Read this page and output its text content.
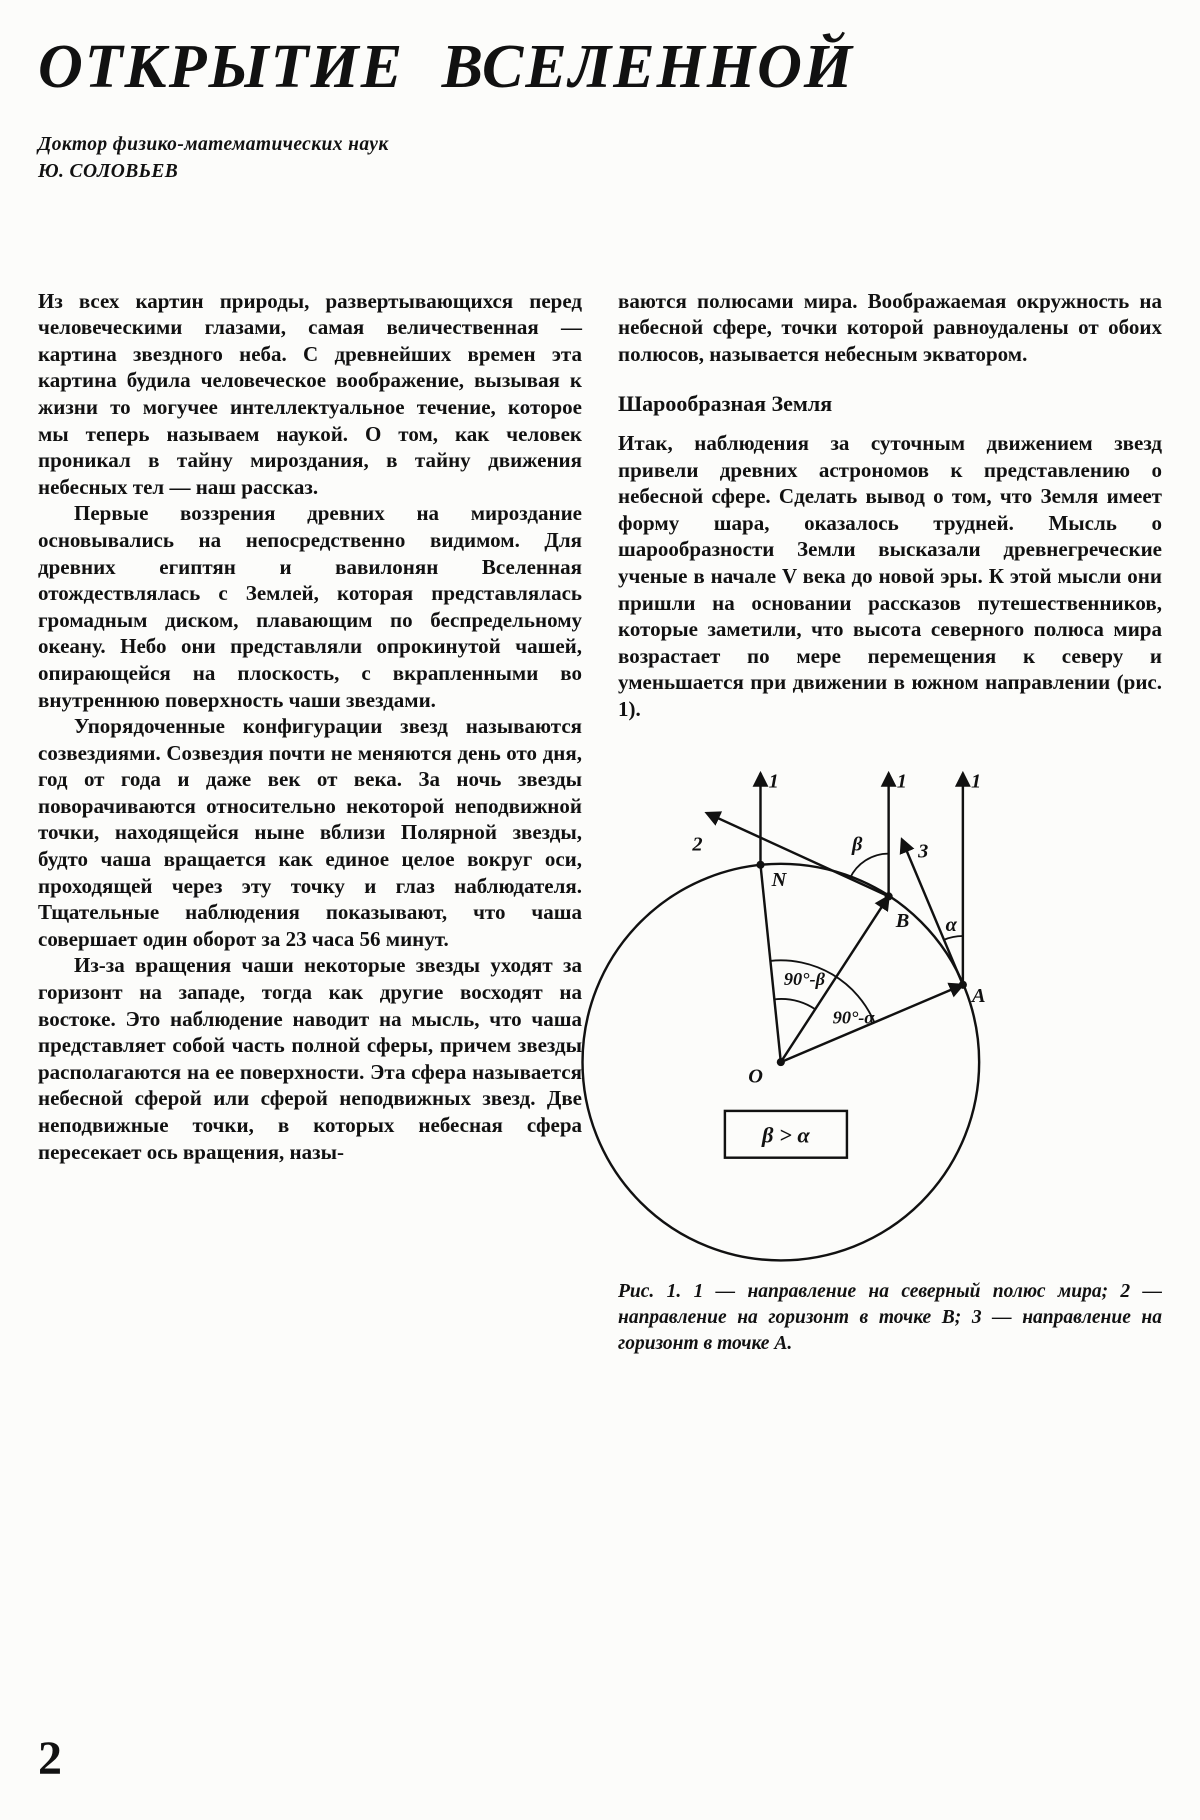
ОТКРЫТИЕ ВСЕЛЕННОЙ
Доктор физико-математических наук
Ю. СОЛОВЬЕВ

Из всех картин природы, развертывающихся перед человеческими глазами, самая величественная — картина звездного неба. С древнейших времен эта картина будила человеческое воображение, вызывая к жизни то могучее интеллектуальное течение, которое мы теперь называем наукой. О том, как человек проникал в тайну мироздания, в тайну движения небесных тел — наш рассказ.

Первые воззрения древних на мироздание основывались на непосредственно видимом. Для древних египтян и вавилонян Вселенная отождествлялась с Землей, которая представлялась громадным диском, плавающим по беспредельному океану. Небо они представляли опрокинутой чашей, опирающейся на плоскость, с вкрапленными во внутреннюю поверхность чаши звездами.

Упорядоченные конфигурации звезд называются созвездиями. Созвездия почти не меняются день ото дня, год от года и даже век от века. За ночь звезды поворачиваются относительно некоторой неподвижной точки, находящейся ныне вблизи Полярной звезды, будто чаша вращается как единое целое вокруг оси, проходящей через эту точку и глаз наблюдателя. Тщательные наблюдения показывают, что чаша совершает один оборот за 23 часа 56 минут.

Из-за вращения чаши некоторые звезды уходят за горизонт на западе, тогда как другие восходят на востоке. Это наблюдение наводит на мысль, что чаша представляет собой часть полной сферы, причем звезды располагаются на ее поверхности. Эта сфера называется небесной сферой или сферой неподвижных звезд. Две неподвижные точки, в которых небесная сфера пересекает ось вращения, назы-

ваются полюсами мира. Воображаемая окружность на небесной сфере, точки которой равноудалены от обоих полюсов, называется небесным экватором.

Шарообразная Земля

Итак, наблюдения за суточным движением звезд привели древних астрономов к представлению о небесной сфере. Сделать вывод о том, что Земля имеет форму шара, оказалось трудней. Мысль о шарообразности Земли высказали древнегреческие ученые в начале V века до новой эры. К этой мысли они пришли на основании рассказов путешественников, которые заметили, что высота северного полюса мира возрастает по мере перемещения к северу и уменьшается при движении в южном направлении (рис. 1).

1	1	1
2	3
N
B
A
O
β
α
90°-β
90°-α
β > α
Рис. 1. 1 — направление на северный полюс мира; 2 — направление на горизонт в точке B; 3 — направление на горизонт в точке A.
2
